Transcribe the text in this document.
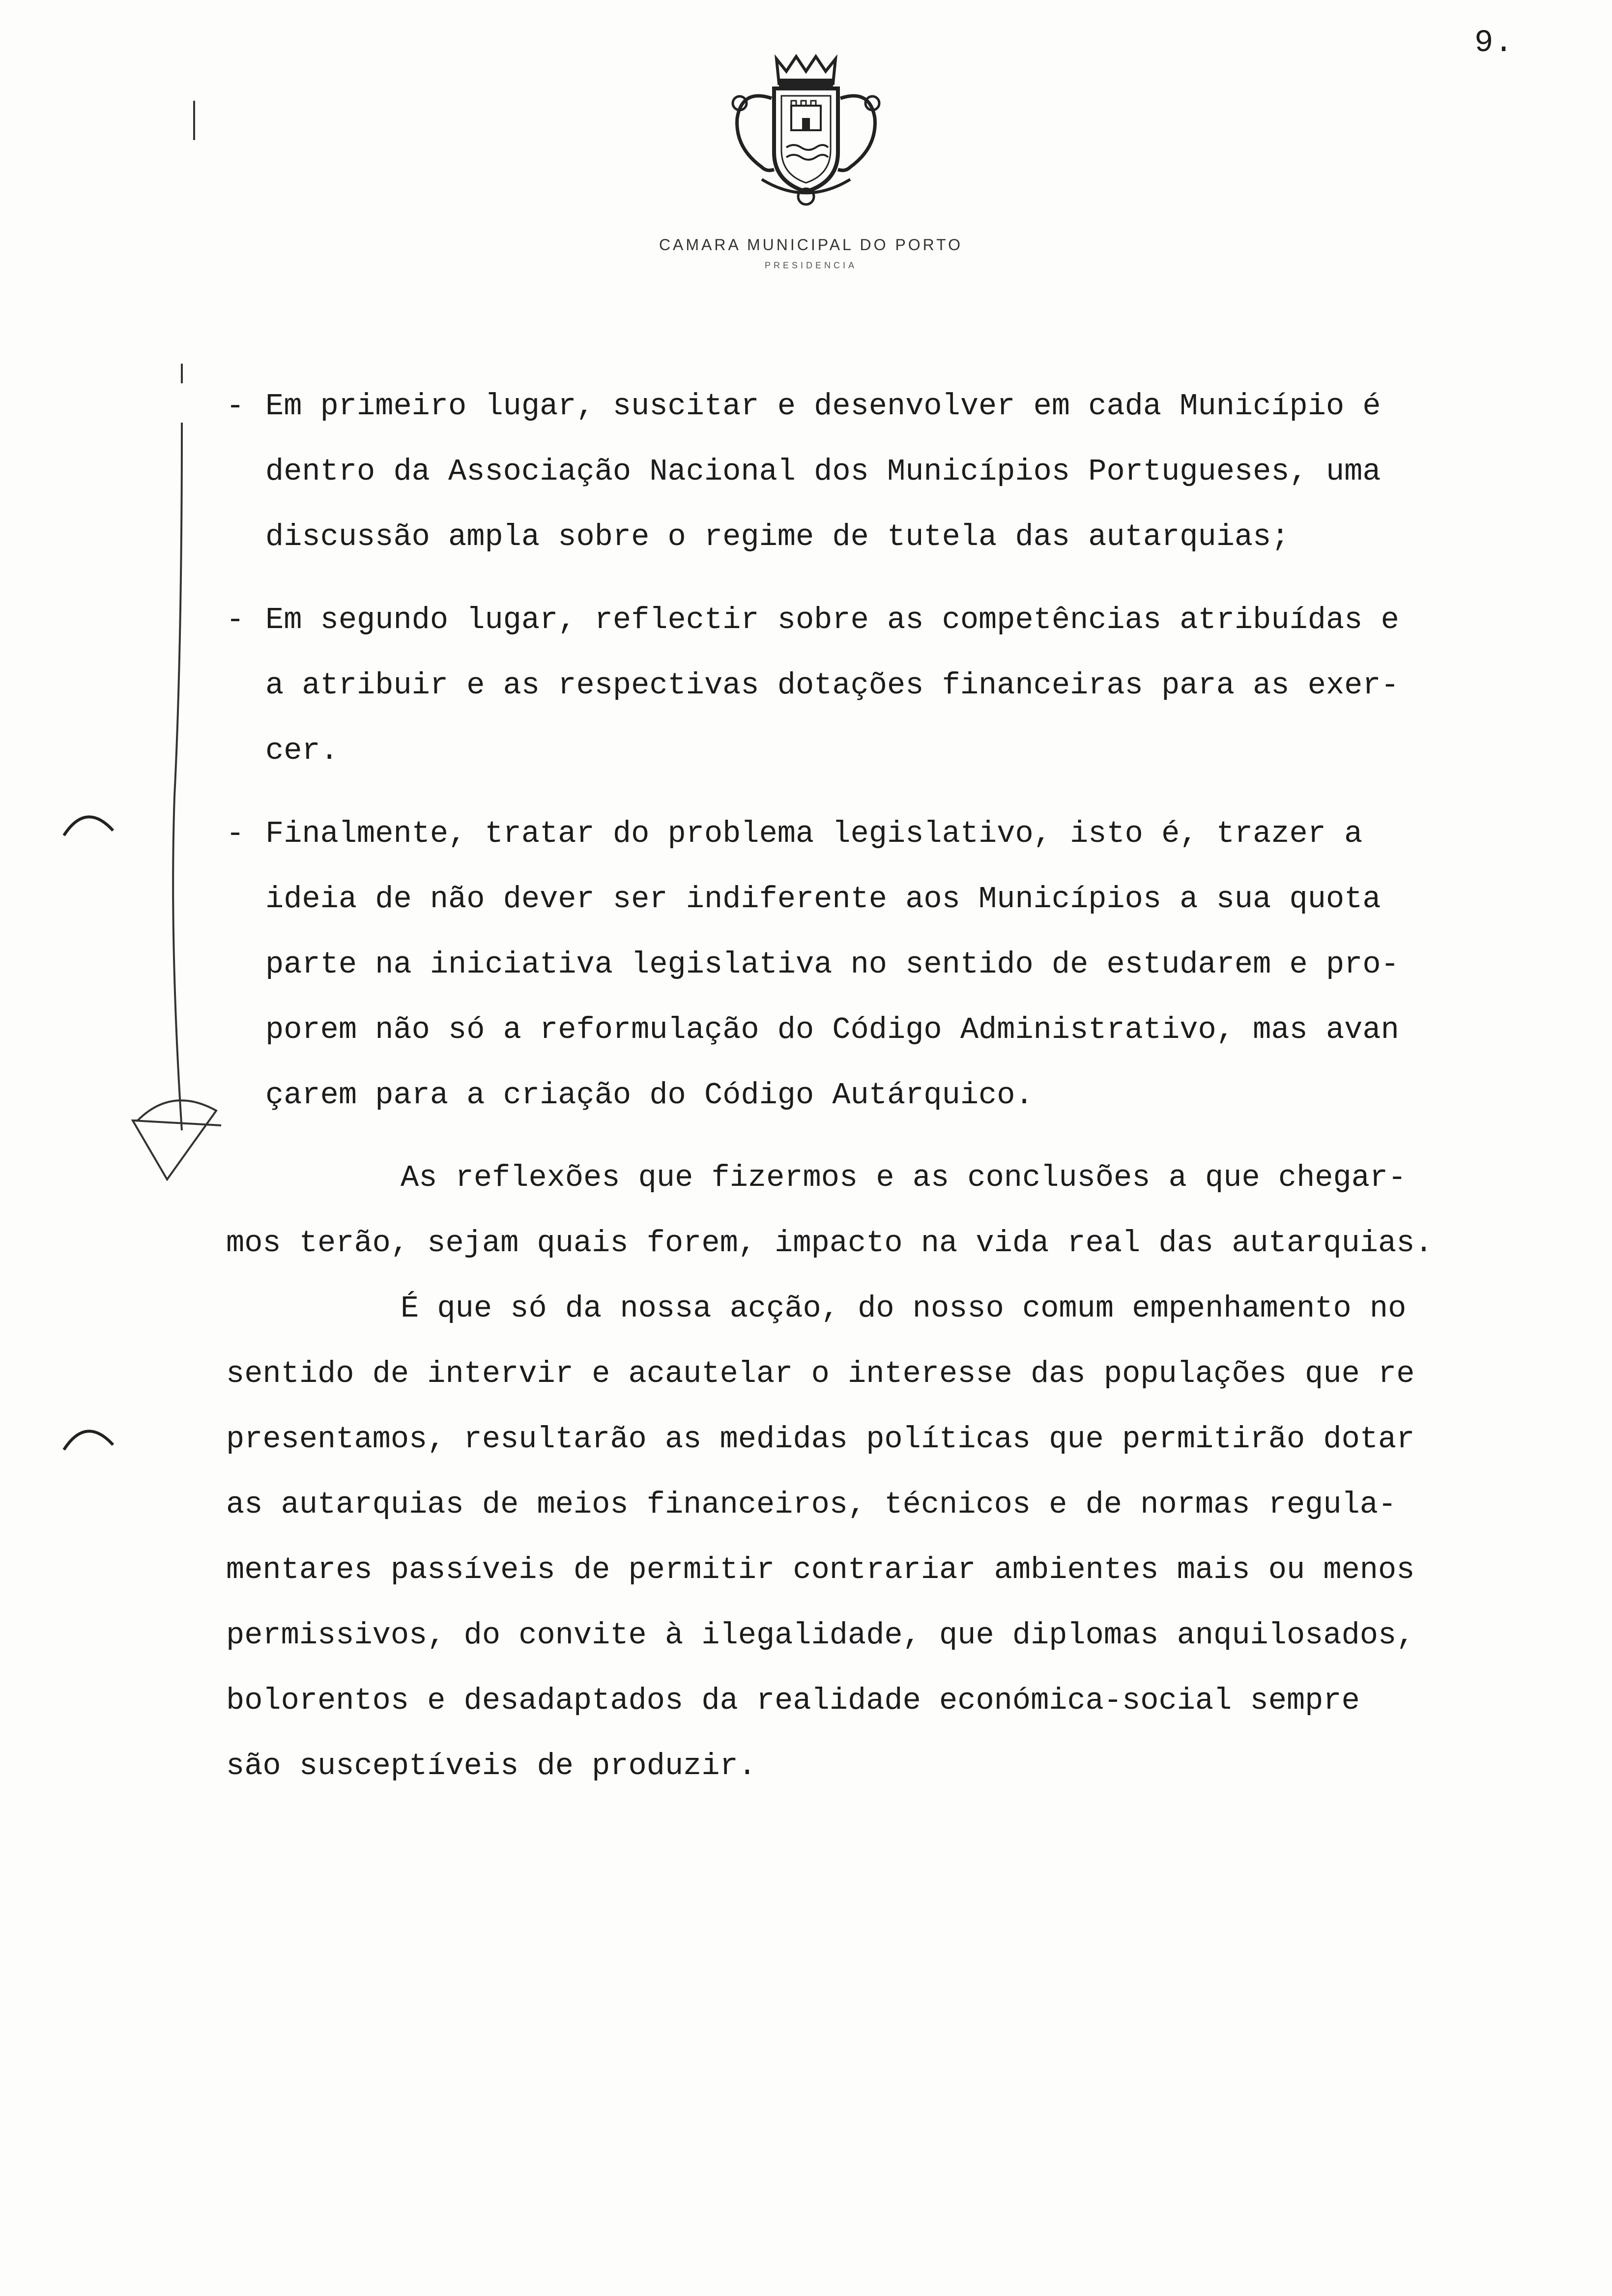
9.
CAMARA MUNICIPAL DO PORTO
PRESIDENCIA
- Em primeiro lugar, suscitar e desenvolver em cada Município é
dentro da Associação Nacional dos Municípios Portugueses, uma
discussão ampla sobre o regime de tutela das autarquias;
- Em segundo lugar, reflectir sobre as competências atribuídas e
a atribuir e as respectivas dotações financeiras para as exer-
cer.
- Finalmente, tratar do problema legislativo, isto é, trazer a
ideia de não dever ser indiferente aos Municípios a sua quota
parte na iniciativa legislativa no sentido de estudarem e pro-
porem não só a reformulação do Código Administrativo, mas avan
çarem para a criação do Código Autárquico.
As reflexões que fizermos e as conclusões a que chegar-
mos terão, sejam quais forem, impacto na vida real das autarquias.
É que só da nossa acção, do nosso comum empenhamento no
sentido de intervir e acautelar o interesse das populações que re
presentamos, resultarão as medidas políticas que permitirão dotar
as autarquias de meios financeiros, técnicos e de normas regula-
mentares passíveis de permitir contrariar ambientes mais ou menos
permissivos, do convite à ilegalidade, que diplomas anquilosados,
bolorentos e desadaptados da realidade económica-social sempre
são susceptíveis de produzir.
